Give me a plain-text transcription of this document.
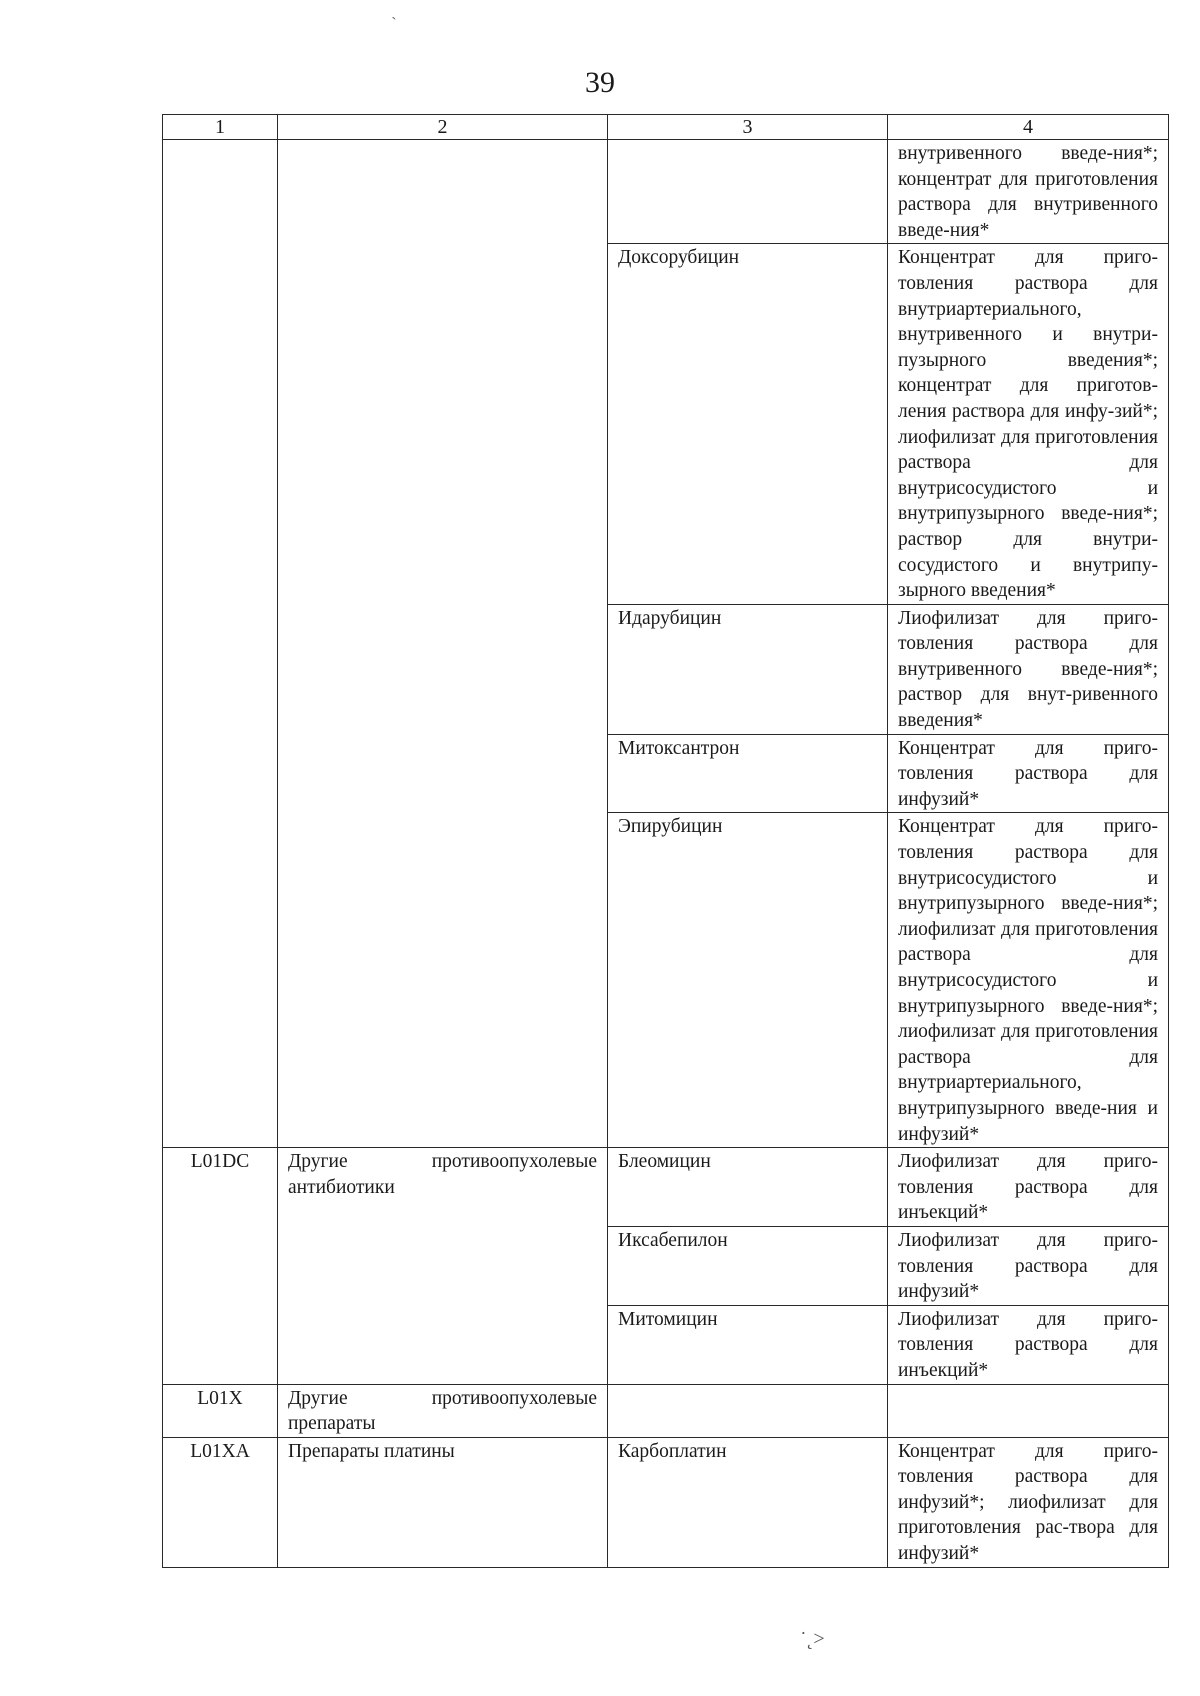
39
1	2	3	4
			внутривенного введе-ния*; концентрат для приготовления раствора для внутривенного введе-ния*
		Доксорубицин	Концентрат для приго-товления раствора для внутриартериального, внутривенного и внутри-пузырного введения*; концентрат для приготов-ления раствора для инфу-зий*; лиофилизат для приготовления раствора для внутрисосудистого и внутрипузырного введе-ния*; раствор для внутри-сосудистого и внутрипу-зырного введения*
		Идарубицин	Лиофилизат для приго-товления раствора для внутривенного введе-ния*; раствор для внут-ривенного введения*
		Митоксантрон	Концентрат для приго-товления раствора для инфузий*
		Эпирубицин	Концентрат для приго-товления раствора для внутрисосудистого и внутрипузырного введе-ния*; лиофилизат для приготовления раствора для внутрисосудистого и внутрипузырного введе-ния*; лиофилизат для приготовления раствора для внутриартериального, внутрипузырного введе-ния и инфузий*
L01DC	Другие противоопухолевые антибиотики	Блеомицин	Лиофилизат для приго-товления раствора для инъекций*
		Иксабепилон	Лиофилизат для приго-товления раствора для инфузий*
		Митомицин	Лиофилизат для приго-товления раствора для инъекций*
L01X	Другие противоопухолевые препараты		
L01XA	Препараты платины	Карбоплатин	Концентрат для приго-товления раствора для инфузий*; лиофилизат для приготовления рас-твора для инфузий*
 ˴
˙˛˃
